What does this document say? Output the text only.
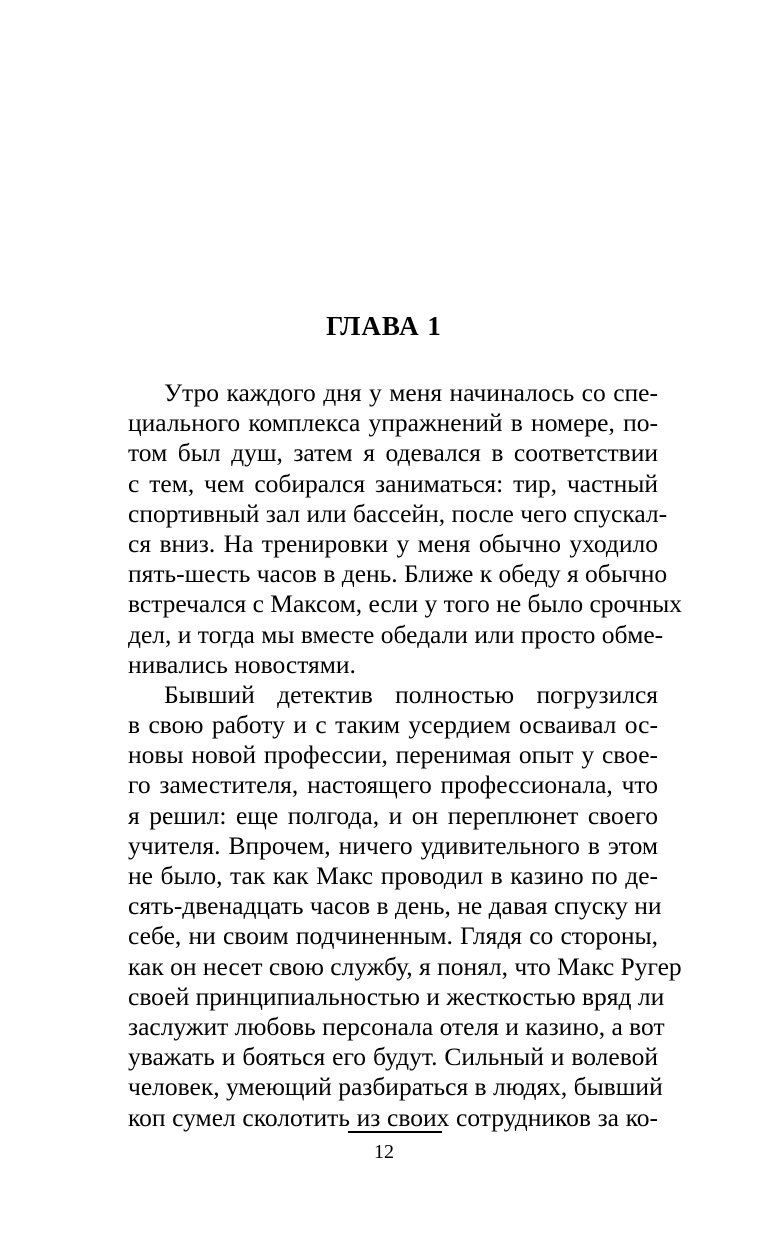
ГЛАВА 1
Утро каждого дня у меня начиналось со спе-
циального комплекса упражнений в номере, по-
том был душ, затем я одевался в соответствии
с тем, чем собирался заниматься: тир, частный
спортивный зал или бассейн, после чего спускал-
ся вниз. На тренировки у меня обычно уходило
пять-шесть часов в день. Ближе к обеду я обычно
встречался с Максом, если у того не было срочных
дел, и тогда мы вместе обедали или просто обме-
нивались новостями.
Бывший детектив полностью погрузился
в свою работу и с таким усердием осваивал ос-
новы новой профессии, перенимая опыт у свое-
го заместителя, настоящего профессионала, что
я решил: еще полгода, и он переплюнет своего
учителя. Впрочем, ничего удивительного в этом
не было, так как Макс проводил в казино по де-
сять-двенадцать часов в день, не давая спуску ни
себе, ни своим подчиненным. Глядя со стороны,
как он несет свою службу, я понял, что Макс Ругер
своей принципиальностью и жесткостью вряд ли
заслужит любовь персонала отеля и казино, а вот
уважать и бояться его будут. Сильный и волевой
человек, умеющий разбираться в людях, бывший
коп сумел сколотить из своих сотрудников за ко-
12
